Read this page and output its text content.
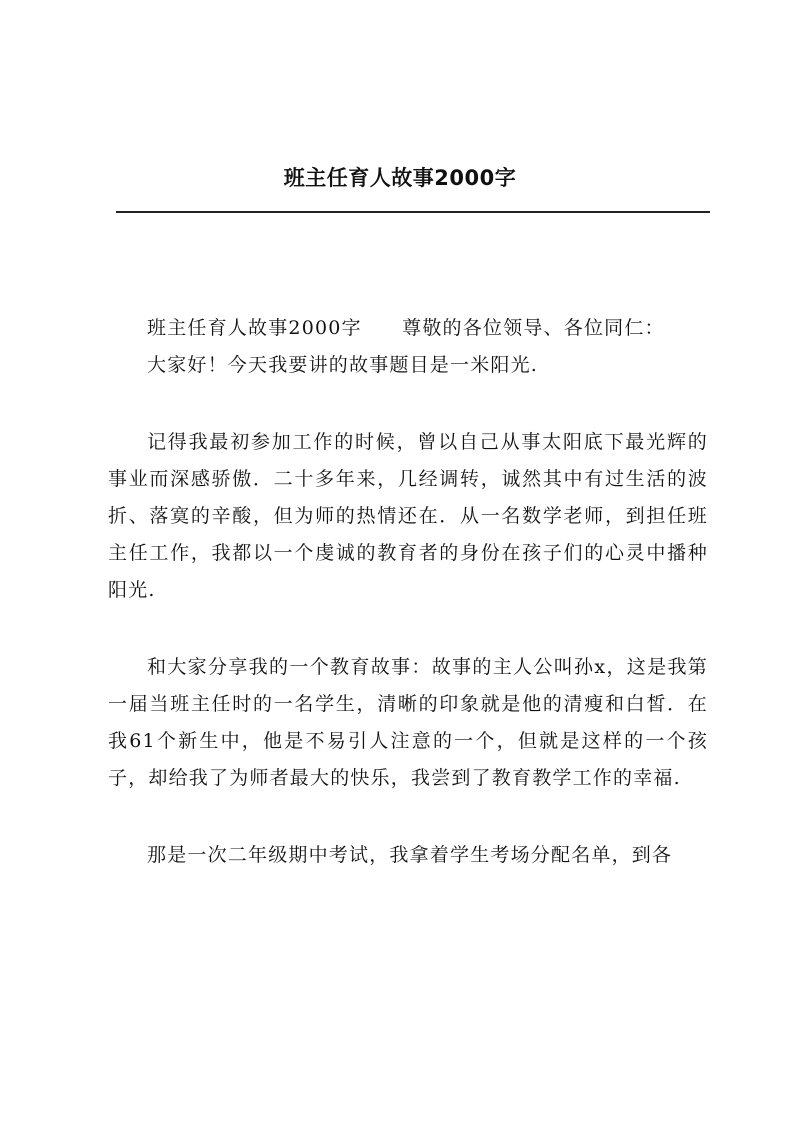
班主任育人故事2000字

班主任育人故事2000字　　尊敬的各位领导、各位同仁：
大家好！今天我要讲的故事题目是一米阳光.

记得我最初参加工作的时候，曾以自己从事太阳底下最光辉的事业而深感骄傲．二十多年来，几经调转，诚然其中有过生活的波折、落寞的辛酸，但为师的热情还在．从一名数学老师，到担任班主任工作，我都以一个虔诚的教育者的身份在孩子们的心灵中播种阳光.

和大家分享我的一个教育故事：故事的主人公叫孙x，这是我第一届当班主任时的一名学生，清晰的印象就是他的清瘦和白皙．在我61个新生中，他是不易引人注意的一个，但就是这样的一个孩子，却给我了为师者最大的快乐，我尝到了教育教学工作的幸福.

那是一次二年级期中考试，我拿着学生考场分配名单，到各
